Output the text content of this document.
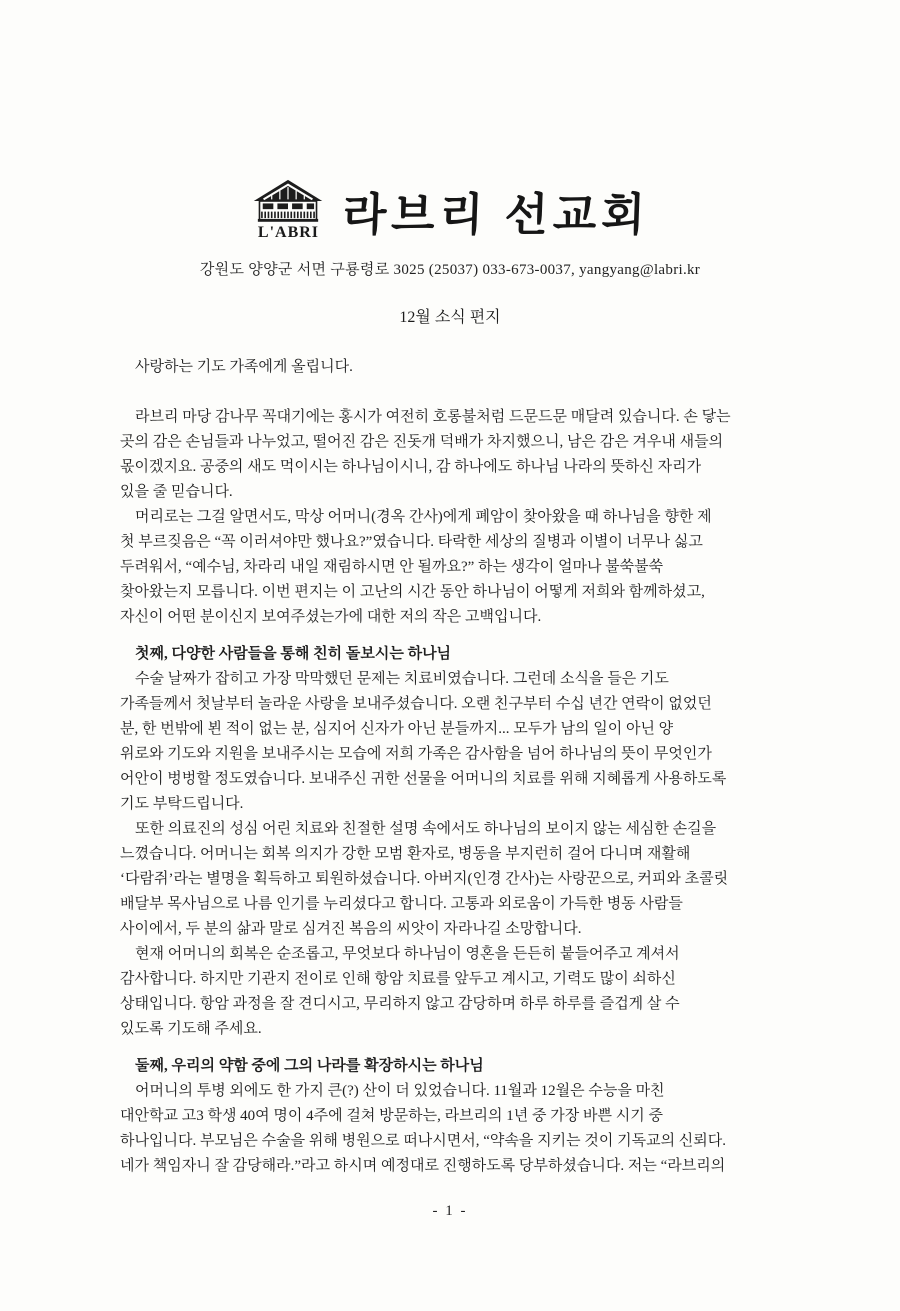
L'ABRI 라브리 선교회
강원도 양양군 서면 구룡령로 3025 (25037) 033-673-0037, yangyang@labri.kr
12월 소식 편지

사랑하는 기도 가족에게 올립니다.

라브리 마당 감나무 꼭대기에는 홍시가 여전히 호롱불처럼 드문드문 매달려 있습니다. 손 닿는
곳의 감은 손님들과 나누었고, 떨어진 감은 진돗개 덕배가 차지했으니, 남은 감은 겨우내 새들의
몫이겠지요. 공중의 새도 먹이시는 하나님이시니, 감 하나에도 하나님 나라의 뜻하신 자리가
있을 줄 믿습니다.

머리로는 그걸 알면서도, 막상 어머니(경옥 간사)에게 폐암이 찾아왔을 때 하나님을 향한 제
첫 부르짖음은 “꼭 이러셔야만 했나요?”였습니다. 타락한 세상의 질병과 이별이 너무나 싫고
두려워서, “예수님, 차라리 내일 재림하시면 안 될까요?” 하는 생각이 얼마나 불쑥불쑥
찾아왔는지 모릅니다. 이번 편지는 이 고난의 시간 동안 하나님이 어떻게 저희와 함께하셨고,
자신이 어떤 분이신지 보여주셨는가에 대한 저의 작은 고백입니다.

첫째, 다양한 사람들을 통해 친히 돌보시는 하나님

수술 날짜가 잡히고 가장 막막했던 문제는 치료비였습니다. 그런데 소식을 들은 기도
가족들께서 첫날부터 놀라운 사랑을 보내주셨습니다. 오랜 친구부터 수십 년간 연락이 없었던
분, 한 번밖에 뵌 적이 없는 분, 심지어 신자가 아닌 분들까지... 모두가 남의 일이 아닌 양
위로와 기도와 지원을 보내주시는 모습에 저희 가족은 감사함을 넘어 하나님의 뜻이 무엇인가
어안이 벙벙할 정도였습니다. 보내주신 귀한 선물을 어머니의 치료를 위해 지혜롭게 사용하도록
기도 부탁드립니다.

또한 의료진의 성심 어린 치료와 친절한 설명 속에서도 하나님의 보이지 않는 세심한 손길을
느꼈습니다. 어머니는 회복 의지가 강한 모범 환자로, 병동을 부지런히 걸어 다니며 재활해
‘다람쥐’라는 별명을 획득하고 퇴원하셨습니다. 아버지(인경 간사)는 사랑꾼으로, 커피와 초콜릿
배달부 목사님으로 나름 인기를 누리셨다고 합니다. 고통과 외로움이 가득한 병동 사람들
사이에서, 두 분의 삶과 말로 심겨진 복음의 씨앗이 자라나길 소망합니다.

현재 어머니의 회복은 순조롭고, 무엇보다 하나님이 영혼을 든든히 붙들어주고 계셔서
감사합니다. 하지만 기관지 전이로 인해 항암 치료를 앞두고 계시고, 기력도 많이 쇠하신
상태입니다. 항암 과정을 잘 견디시고, 무리하지 않고 감당하며 하루 하루를 즐겁게 살 수
있도록 기도해 주세요.

둘째, 우리의 약함 중에 그의 나라를 확장하시는 하나님

어머니의 투병 외에도 한 가지 큰(?) 산이 더 있었습니다. 11월과 12월은 수능을 마친
대안학교 고3 학생 40여 명이 4주에 걸쳐 방문하는, 라브리의 1년 중 가장 바쁜 시기 중
하나입니다. 부모님은 수술을 위해 병원으로 떠나시면서, “약속을 지키는 것이 기독교의 신뢰다.
네가 책임자니 잘 감당해라.”라고 하시며 예정대로 진행하도록 당부하셨습니다. 저는 “라브리의

- 1 -
